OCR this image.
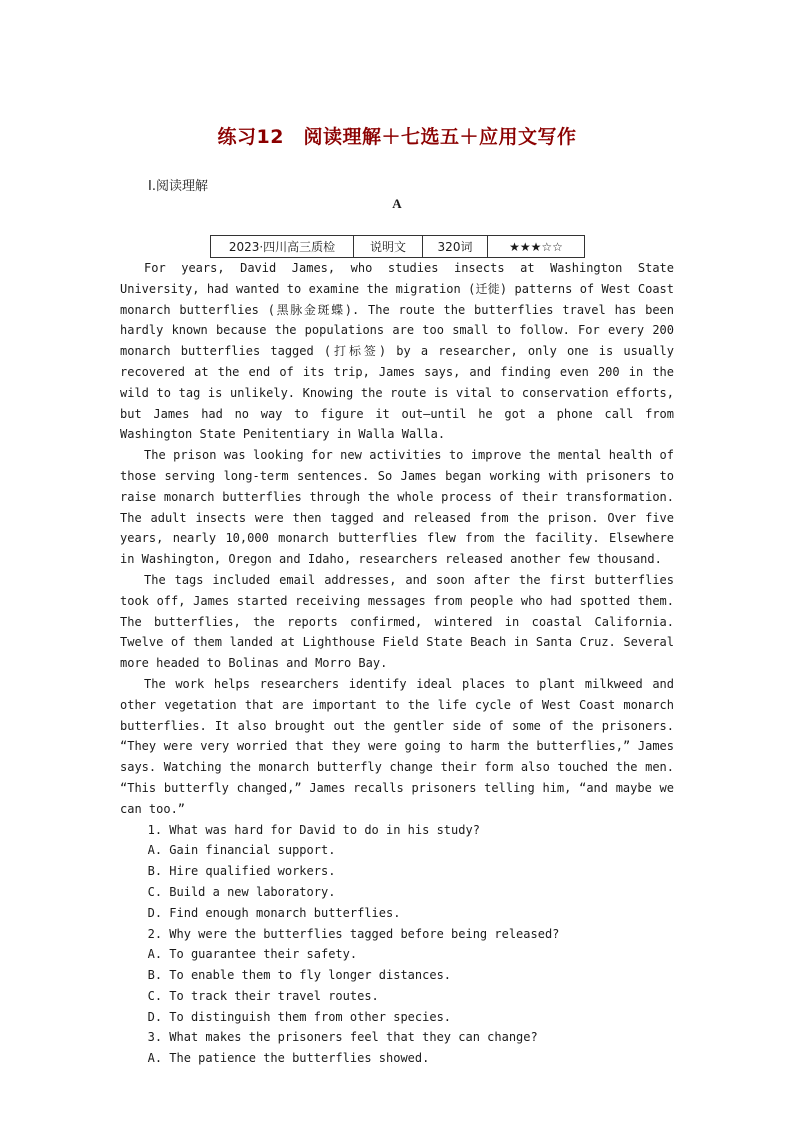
练习12　阅读理解＋七选五＋应用文写作
Ⅰ.阅读理解
A
2023·四川高三质检	说明文	320词	★★★☆☆

For years, David James, who studies insects at Washington State University, had wanted to examine the migration (迁徙) patterns of West Coast monarch butterflies (黑脉金斑蝶). The route the butterflies travel has been hardly known because the populations are too small to follow. For every 200 monarch butterflies tagged (打标签) by a researcher, only one is usually recovered at the end of its trip, James says, and finding even 200 in the wild to tag is unlikely. Knowing the route is vital to conservation efforts, but James had no way to figure it out—until he got a phone call from Washington State Penitentiary in Walla Walla.

The prison was looking for new activities to improve the mental health of those serving long-term sentences. So James began working with prisoners to raise monarch butterflies through the whole process of their transformation. The adult insects were then tagged and released from the prison. Over five years, nearly 10,000 monarch butterflies flew from the facility. Elsewhere in Washington, Oregon and Idaho, researchers released another few thousand.

The tags included email addresses, and soon after the first butterflies took off, James started receiving messages from people who had spotted them. The butterflies, the reports confirmed, wintered in coastal California. Twelve of them landed at Lighthouse Field State Beach in Santa Cruz. Several more headed to Bolinas and Morro Bay.

The work helps researchers identify ideal places to plant milkweed and other vegetation that are important to the life cycle of West Coast monarch butterflies. It also brought out the gentler side of some of the prisoners. “They were very worried that they were going to harm the butterflies,” James says. Watching the monarch butterfly change their form also touched the men. “This butterfly changed,” James recalls prisoners telling him, “and maybe we can too.”

1. What was hard for David to do in his study?

A. Gain financial support.

B. Hire qualified workers.

C. Build a new laboratory.

D. Find enough monarch butterflies.

2. Why were the butterflies tagged before being released?

A. To guarantee their safety.

B. To enable them to fly longer distances.

C. To track their travel routes.

D. To distinguish them from other species.

3. What makes the prisoners feel that they can change?

A. The patience the butterflies showed.
